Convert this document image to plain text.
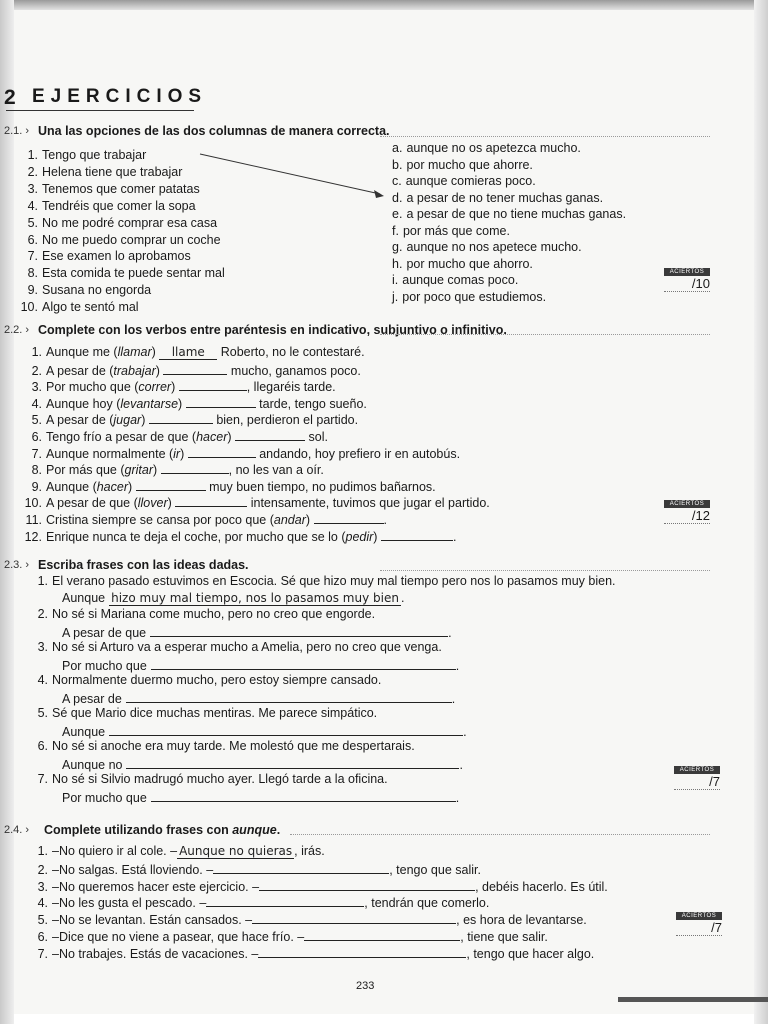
2 EJERCICIOS
2.1. › Una las opciones de las dos columnas de manera correcta.
1. Tengo que trabajar
2. Helena tiene que trabajar
3. Tenemos que comer patatas
4. Tendréis que comer la sopa
5. No me podré comprar esa casa
6. No me puedo comprar un coche
7. Ese examen lo aprobamos
8. Esta comida te puede sentar mal
9. Susana no engorda
10. Algo te sentó mal
a. aunque no os apetezca mucho.
b. por mucho que ahorre.
c. aunque comieras poco.
d. a pesar de no tener muchas ganas.
e. a pesar de que no tiene muchas ganas.
f. por más que come.
g. aunque no nos apetece mucho.
h. por mucho que ahorro.
i. aunque comas poco.
j. por poco que estudiemos.
ACIERTOS
/10
2.2. › Complete con los verbos entre paréntesis en indicativo, subjuntivo o infinitivo.
1. Aunque me (llamar) llame Roberto, no le contestaré.
2. A pesar de (trabajar)	mucho, ganamos poco.
3. Por mucho que (correr)	, llegaréis tarde.
4. Aunque hoy (levantarse)	tarde, tengo sueño.
5. A pesar de (jugar)	bien, perdieron el partido.
6. Tengo frío a pesar de que (hacer)	sol.
7. Aunque normalmente (ir)	andando, hoy prefiero ir en autobús.
8. Por más que (gritar)	, no les van a oír.
9. Aunque (hacer)	muy buen tiempo, no pudimos bañarnos.
10. A pesar de que (llover)	intensamente, tuvimos que jugar el partido.
11. Cristina siempre se cansa por poco que (andar)	.
12. Enrique nunca te deja el coche, por mucho que se lo (pedir)	.
ACIERTOS
/12
2.3. › Escriba frases con las ideas dadas.
1. El verano pasado estuvimos en Escocia. Sé que hizo muy mal tiempo pero nos lo pasamos muy bien.
Aunque hizo muy mal tiempo, nos lo pasamos muy bien .
2. No sé si Mariana come mucho, pero no creo que engorde.
A pesar de que	.
3. No sé si Arturo va a esperar mucho a Amelia, pero no creo que venga.
Por mucho que	.
4. Normalmente duermo mucho, pero estoy siempre cansado.
A pesar de	.
5. Sé que Mario dice muchas mentiras. Me parece simpático.
Aunque	.
6. No sé si anoche era muy tarde. Me molestó que me despertarais.
Aunque no	.
7. No sé si Silvio madrugó mucho ayer. Llegó tarde a la oficina.
Por mucho que	.
ACIERTOS
/7
2.4. › Complete utilizando frases con aunque.
1. –No quiero ir al cole. – Aunque no quieras , irás.
2. –No salgas. Está lloviendo. –	, tengo que salir.
3. –No queremos hacer este ejercicio. –	, debéis hacerlo. Es útil.
4. –No les gusta el pescado. –	, tendrán que comerlo.
5. –No se levantan. Están cansados. –	, es hora de levantarse.
6. –Dice que no viene a pasear, que hace frío. –	, tiene que salir.
7. –No trabajes. Estás de vacaciones. –	, tengo que hacer algo.
ACIERTOS
/7
233
